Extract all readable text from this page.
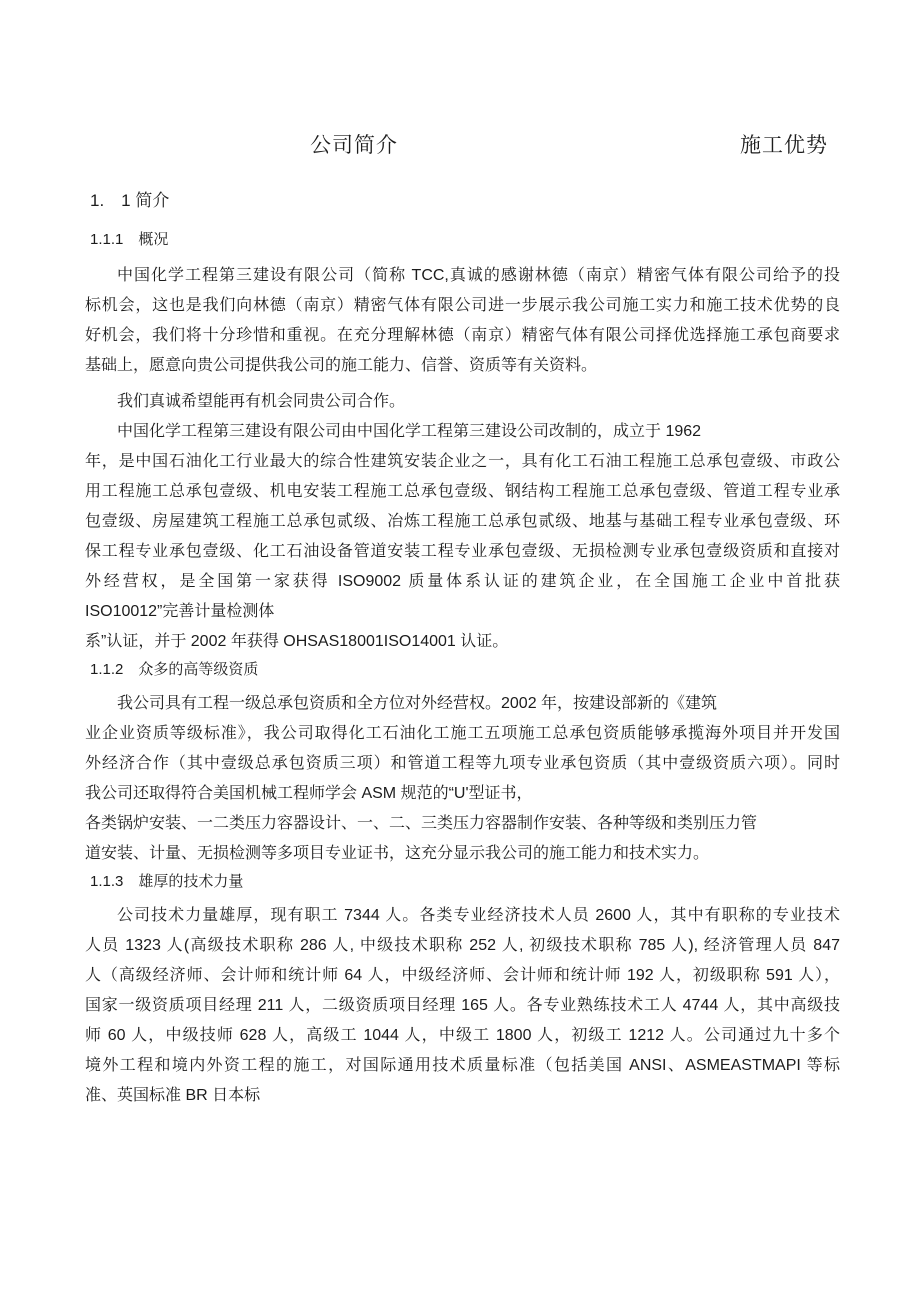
公司简介	施工优势
1.　1 简介
1.1.1　概况
中国化学工程第三建设有限公司（简称 TCC,真诚的感谢林德（南京）精密气体有限公司给予的投
标机会，这也是我们向林德（南京）精密气体有限公司进一步展示我公司施工实力和施工技术优势的良
好机会，我们将十分珍惜和重视。在充分理解林德（南京）精密气体有限公司择优选择施工承包商要求
基础上，愿意向贵公司提供我公司的施工能力、信誉、资质等有关资料。
我们真诚希望能再有机会同贵公司合作。
中国化学工程第三建设有限公司由中国化学工程第三建设公司改制的，成立于 1962
年，是中国石油化工行业最大的综合性建筑安装企业之一，具有化工石油工程施工总承包壹级、市政公
用工程施工总承包壹级、机电安装工程施工总承包壹级、钢结构工程施工总承包壹级、管道工程专业承
包壹级、房屋建筑工程施工总承包贰级、冶炼工程施工总承包贰级、地基与基础工程专业承包壹级、环
保工程专业承包壹级、化工石油设备管道安装工程专业承包壹级、无损检测专业承包壹级资质和直接对
外经营权，是全国第一家获得 ISO9002 质量体系认证的建筑企业，在全国施工企业中首批获
ISO10012”完善计量检测体
系”认证，并于 2002 年获得 OHSAS18001ISO14001 认证。
1.1.2　众多的高等级资质
我公司具有工程一级总承包资质和全方位对外经营权。2002 年，按建设部新的《建筑
业企业资质等级标准》，我公司取得化工石油化工施工五项施工总承包资质能够承揽海外项目并开发国
外经济合作（其中壹级总承包资质三项）和管道工程等九项专业承包资质（其中壹级资质六项）。同时
我公司还取得符合美国机械工程师学会 ASM 规范的“U'型证书，
各类锅炉安装、一二类压力容器设计、一、二、三类压力容器制作安装、各种等级和类别压力管
道安装、计量、无损检测等多项目专业证书，这充分显示我公司的施工能力和技术实力。
1.1.3　雄厚的技术力量
公司技术力量雄厚，现有职工 7344 人。各类专业经济技术人员 2600 人，其中有职称的专业技术
人员 1323 人(高级技术职称 286 人, 中级技术职称 252 人, 初级技术职称 785 人), 经济管理人员 847
人（高级经济师、会计师和统计师 64 人，中级经济师、会计师和统计师 192 人，初级职称 591 人），
国家一级资质项目经理 211 人，二级资质项目经理 165 人。各专业熟练技术工人 4744 人，其中高级技
师 60 人，中级技师 628 人，高级工 1044 人，中级工 1800 人，初级工 1212 人。公司通过九十多个
境外工程和境内外资工程的施工，对国际通用技术质量标准（包括美国 ANSI、ASMEASTMAPI 等标
准、英国标准 BR 日本标
